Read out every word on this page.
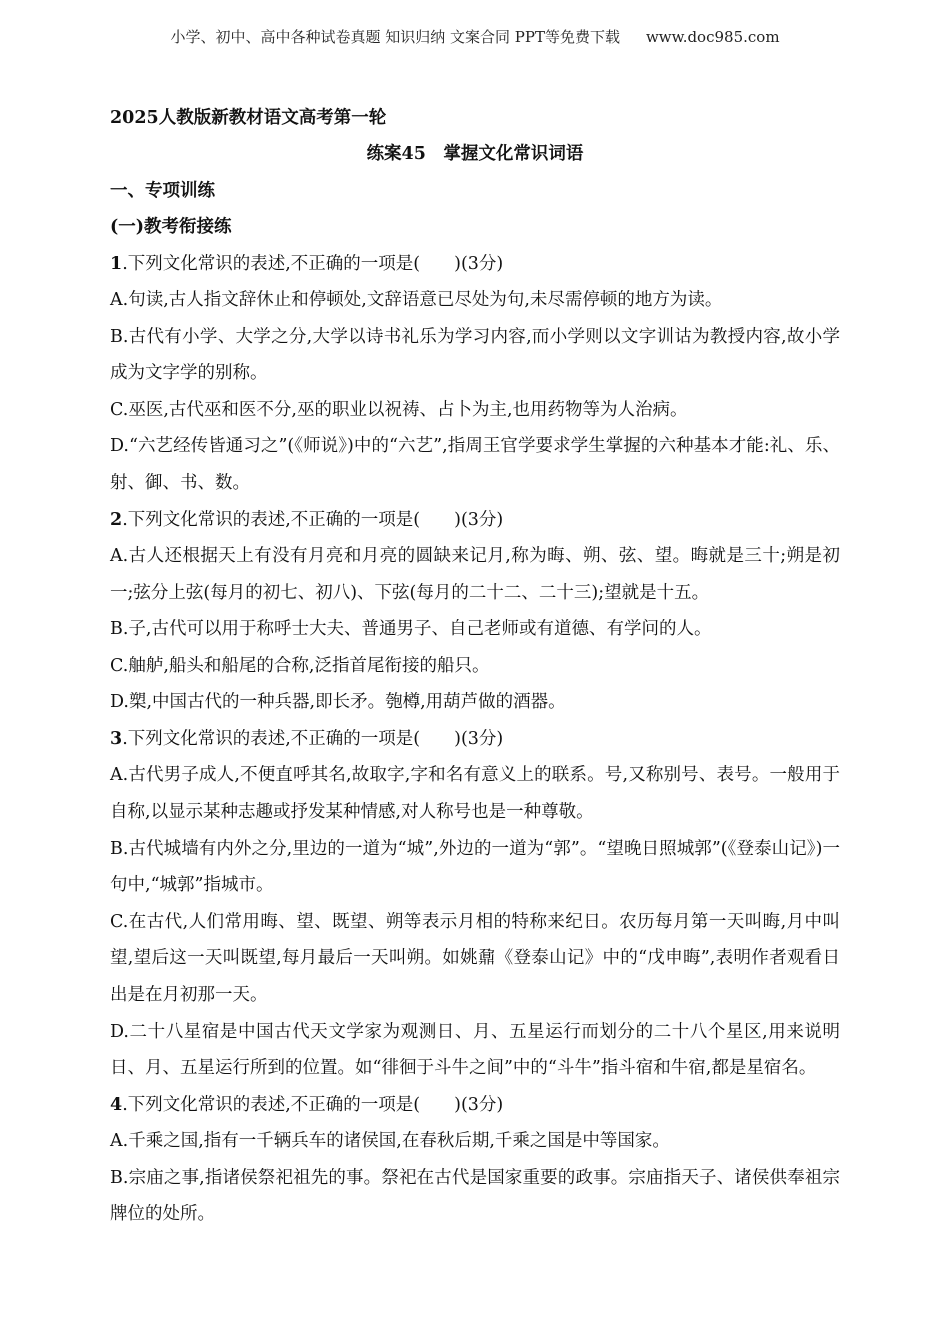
小学、初中、高中各种试卷真题 知识归纳 文案合同 PPT等免费下载 www.doc985.com
2025人教版新教材语文高考第一轮
练案45　掌握文化常识词语
一、专项训练
(一)教考衔接练
1.下列文化常识的表述,不正确的一项是( )(3分)
A.句读,古人指文辞休止和停顿处,文辞语意已尽处为句,未尽需停顿的地方为读。
B.古代有小学、大学之分,大学以诗书礼乐为学习内容,而小学则以文字训诂为教授内容,故小学成为文字学的别称。
C.巫医,古代巫和医不分,巫的职业以祝祷、占卜为主,也用药物等为人治病。
D.“六艺经传皆通习之”(《师说》)中的“六艺”,指周王官学要求学生掌握的六种基本才能:礼、乐、射、御、书、数。
2.下列文化常识的表述,不正确的一项是( )(3分)
A.古人还根据天上有没有月亮和月亮的圆缺来记月,称为晦、朔、弦、望。晦就是三十;朔是初一;弦分上弦(每月的初七、初八)、下弦(每月的二十二、二十三);望就是十五。
B.子,古代可以用于称呼士大夫、普通男子、自己老师或有道德、有学问的人。
C.舳舻,船头和船尾的合称,泛指首尾衔接的船只。
D.槊,中国古代的一种兵器,即长矛。匏樽,用葫芦做的酒器。
3.下列文化常识的表述,不正确的一项是( )(3分)
A.古代男子成人,不便直呼其名,故取字,字和名有意义上的联系。号,又称别号、表号。一般用于自称,以显示某种志趣或抒发某种情感,对人称号也是一种尊敬。
B.古代城墙有内外之分,里边的一道为“城”,外边的一道为“郭”。“望晚日照城郭”(《登泰山记》)一句中,“城郭”指城市。
C.在古代,人们常用晦、望、既望、朔等表示月相的特称来纪日。农历每月第一天叫晦,月中叫望,望后这一天叫既望,每月最后一天叫朔。如姚鼐《登泰山记》中的“戊申晦”,表明作者观看日出是在月初那一天。
D.二十八星宿是中国古代天文学家为观测日、月、五星运行而划分的二十八个星区,用来说明日、月、五星运行所到的位置。如“徘徊于斗牛之间”中的“斗牛”指斗宿和牛宿,都是星宿名。
4.下列文化常识的表述,不正确的一项是( )(3分)
A.千乘之国,指有一千辆兵车的诸侯国,在春秋后期,千乘之国是中等国家。
B.宗庙之事,指诸侯祭祀祖先的事。祭祀在古代是国家重要的政事。宗庙指天子、诸侯供奉祖宗牌位的处所。
